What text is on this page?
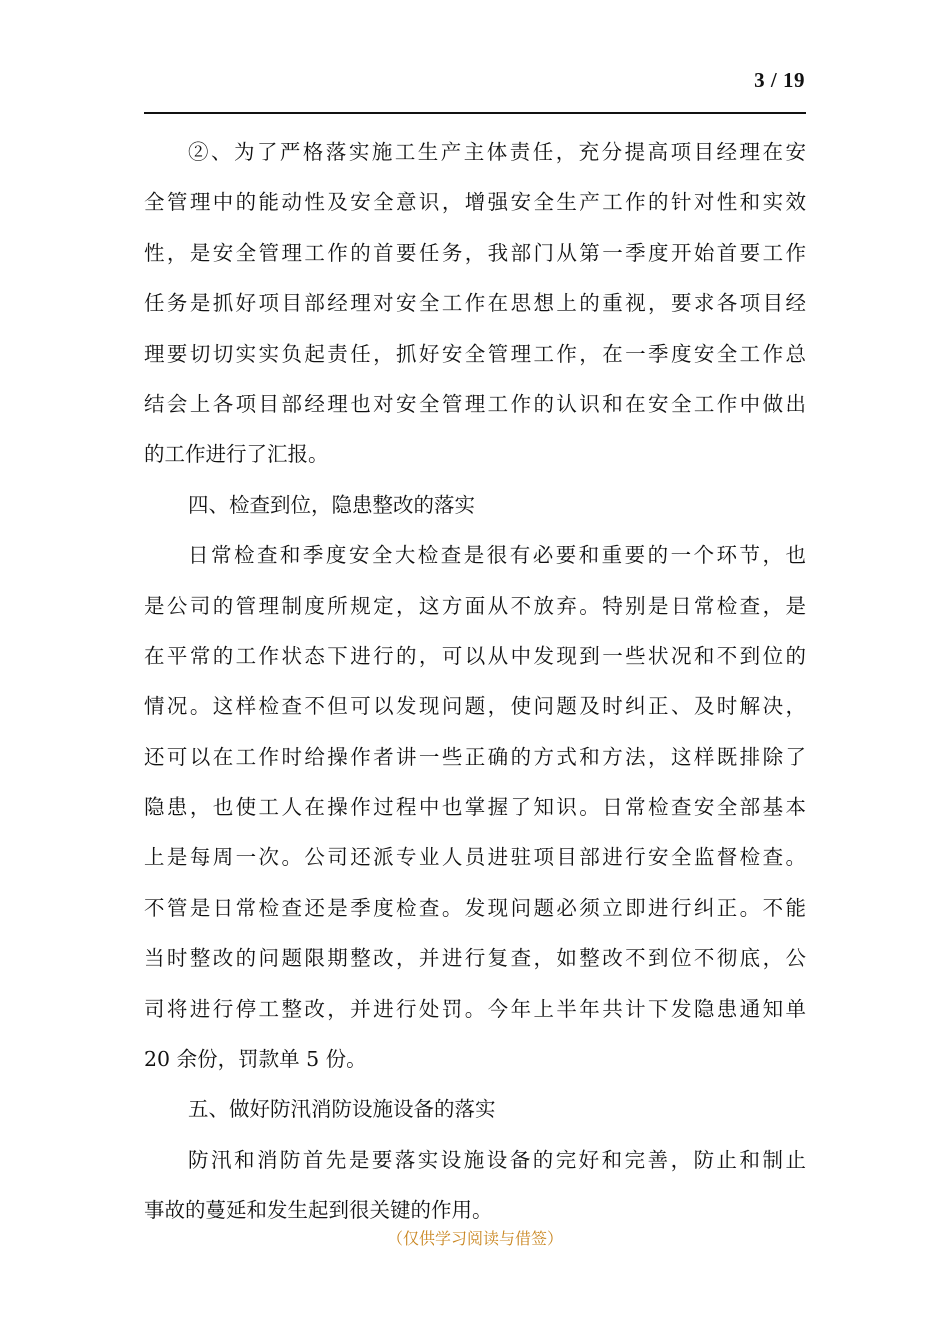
3 / 19
②、为了严格落实施工生产主体责任，充分提高项目经理在安
全管理中的能动性及安全意识，增强安全生产工作的针对性和实效
性，是安全管理工作的首要任务，我部门从第一季度开始首要工作
任务是抓好项目部经理对安全工作在思想上的重视，要求各项目经
理要切切实实负起责任，抓好安全管理工作，在一季度安全工作总
结会上各项目部经理也对安全管理工作的认识和在安全工作中做出
的工作进行了汇报。
四、检查到位，隐患整改的落实
日常检查和季度安全大检查是很有必要和重要的一个环节，也
是公司的管理制度所规定，这方面从不放弃。特别是日常检查，是
在平常的工作状态下进行的，可以从中发现到一些状况和不到位的
情况。这样检查不但可以发现问题，使问题及时纠正、及时解决，
还可以在工作时给操作者讲一些正确的方式和方法，这样既排除了
隐患，也使工人在操作过程中也掌握了知识。日常检查安全部基本
上是每周一次。公司还派专业人员进驻项目部进行安全监督检查。
不管是日常检查还是季度检查。发现问题必须立即进行纠正。不能
当时整改的问题限期整改，并进行复查，如整改不到位不彻底，公
司将进行停工整改，并进行处罚。今年上半年共计下发隐患通知单
20 余份，罚款单 5 份。
五、做好防汛消防设施设备的落实
防汛和消防首先是要落实设施设备的完好和完善，防止和制止
事故的蔓延和发生起到很关键的作用。
（仅供学习阅读与借签）
